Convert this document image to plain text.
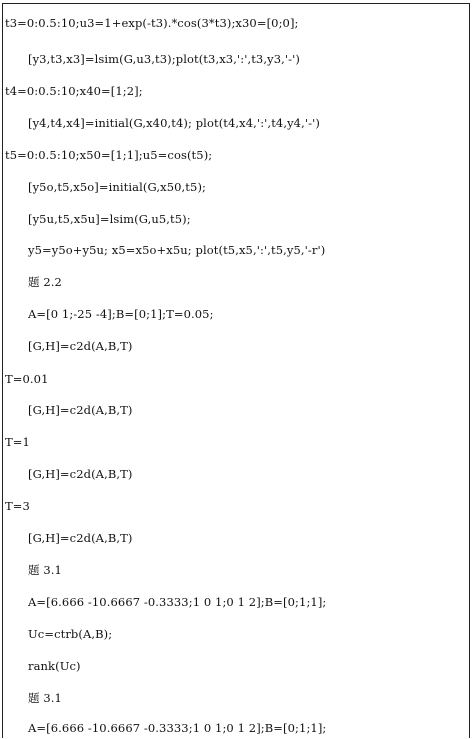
t3=0:0.5:10;u3=1+exp(-t3).*cos(3*t3);x30=[0;0];
[y3,t3,x3]=lsim(G,u3,t3);plot(t3,x3,':',t3,y3,'-')
t4=0:0.5:10;x40=[1;2];
[y4,t4,x4]=initial(G,x40,t4); plot(t4,x4,':',t4,y4,'-')
t5=0:0.5:10;x50=[1;1];u5=cos(t5);
[y5o,t5,x5o]=initial(G,x50,t5);
[y5u,t5,x5u]=lsim(G,u5,t5);
y5=y5o+y5u; x5=x5o+x5u; plot(t5,x5,':',t5,y5,'-r')
题 2.2
A=[0 1;-25 -4];B=[0;1];T=0.05;
[G,H]=c2d(A,B,T)
T=0.01
[G,H]=c2d(A,B,T)
T=1
[G,H]=c2d(A,B,T)
T=3
[G,H]=c2d(A,B,T)
题 3.1
A=[6.666 -10.6667 -0.3333;1 0 1;0 1 2];B=[0;1;1];
Uc=ctrb(A,B);
rank(Uc)
题 3.1
A=[6.666 -10.6667 -0.3333;1 0 1;0 1 2];B=[0;1;1];
